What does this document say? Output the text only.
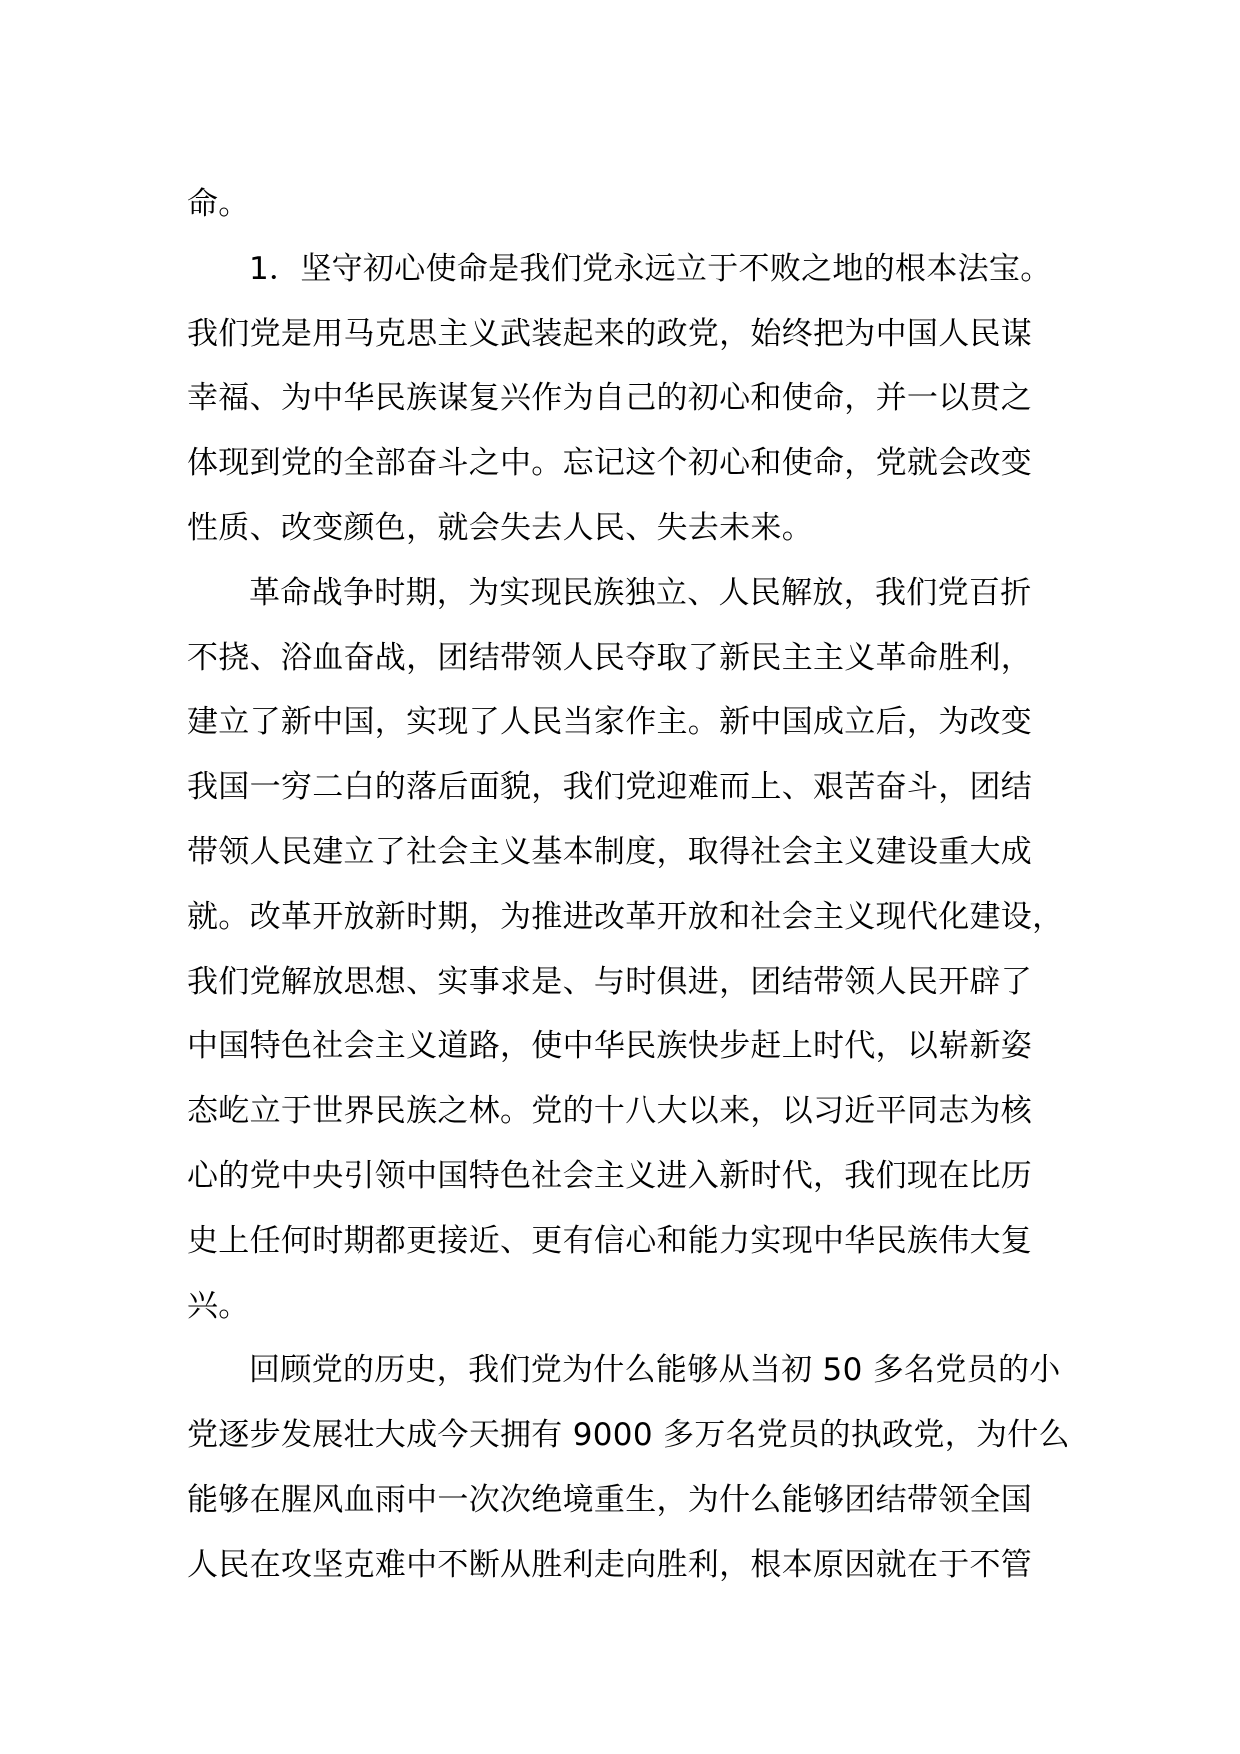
命。

1．坚守初心使命是我们党永远立于不败之地的根本法宝。
我们党是用马克思主义武装起来的政党，始终把为中国人民谋
幸福、为中华民族谋复兴作为自己的初心和使命，并一以贯之
体现到党的全部奋斗之中。忘记这个初心和使命，党就会改变
性质、改变颜色，就会失去人民、失去未来。

革命战争时期，为实现民族独立、人民解放，我们党百折
不挠、浴血奋战，团结带领人民夺取了新民主主义革命胜利，
建立了新中国，实现了人民当家作主。新中国成立后，为改变
我国一穷二白的落后面貌，我们党迎难而上、艰苦奋斗，团结
带领人民建立了社会主义基本制度，取得社会主义建设重大成
就。改革开放新时期，为推进改革开放和社会主义现代化建设，
我们党解放思想、实事求是、与时俱进，团结带领人民开辟了
中国特色社会主义道路，使中华民族快步赶上时代，以崭新姿
态屹立于世界民族之林。党的十八大以来，以习近平同志为核
心的党中央引领中国特色社会主义进入新时代，我们现在比历
史上任何时期都更接近、更有信心和能力实现中华民族伟大复
兴。

回顾党的历史，我们党为什么能够从当初 50 多名党员的小
党逐步发展壮大成今天拥有 9000 多万名党员的执政党，为什么
能够在腥风血雨中一次次绝境重生，为什么能够团结带领全国
人民在攻坚克难中不断从胜利走向胜利，根本原因就在于不管
